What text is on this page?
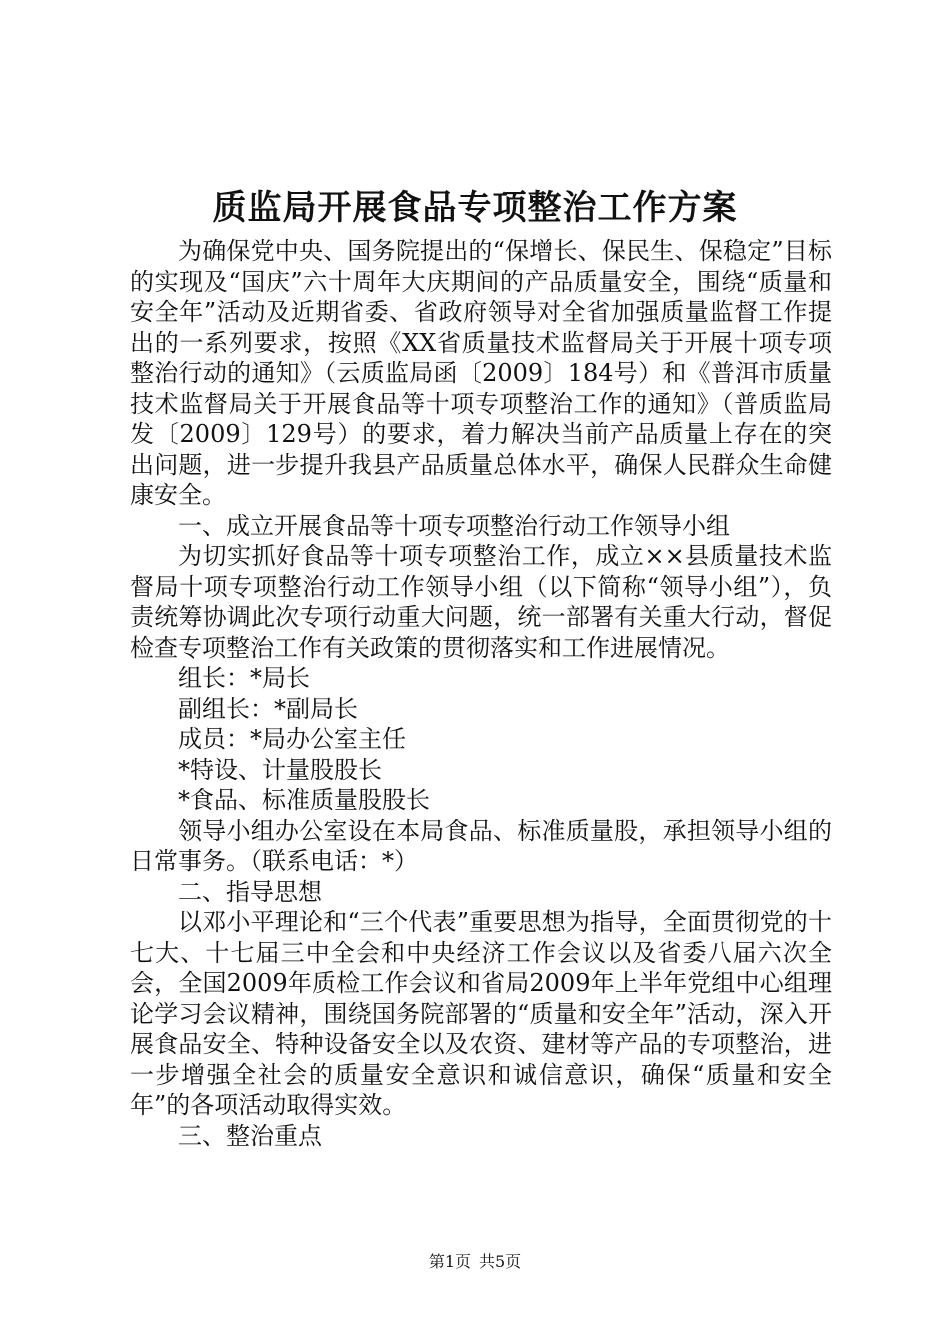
质监局开展食品专项整治工作方案

为确保党中央、国务院提出的“保增长、保民生、保稳定”目标的实现及“国庆”六十周年大庆期间的产品质量安全，围绕“质量和安全年”活动及近期省委、省政府领导对全省加强质量监督工作提出的一系列要求，按照《XX省质量技术监督局关于开展十项专项整治行动的通知》（云质监局函〔2009〕184号）和《普洱市质量技术监督局关于开展食品等十项专项整治工作的通知》（普质监局发〔2009〕129号）的要求，着力解决当前产品质量上存在的突出问题，进一步提升我县产品质量总体水平，确保人民群众生命健康安全。

一、成立开展食品等十项专项整治行动工作领导小组

为切实抓好食品等十项专项整治工作，成立××县质量技术监督局十项专项整治行动工作领导小组（以下简称“领导小组”），负责统筹协调此次专项行动重大问题，统一部署有关重大行动，督促检查专项整治工作有关政策的贯彻落实和工作进展情况。

组长：*局长

副组长：*副局长

成员：*局办公室主任

*特设、计量股股长

*食品、标准质量股股长

领导小组办公室设在本局食品、标准质量股，承担领导小组的日常事务。（联系电话：*）

二、指导思想

以邓小平理论和“三个代表”重要思想为指导，全面贯彻党的十七大、十七届三中全会和中央经济工作会议以及省委八届六次全会，全国2009年质检工作会议和省局2009年上半年党组中心组理论学习会议精神，围绕国务院部署的“质量和安全年”活动，深入开展食品安全、特种设备安全以及农资、建材等产品的专项整治，进一步增强全社会的质量安全意识和诚信意识，确保“质量和安全年”的各项活动取得实效。

三、整治重点

第1页 共5页
